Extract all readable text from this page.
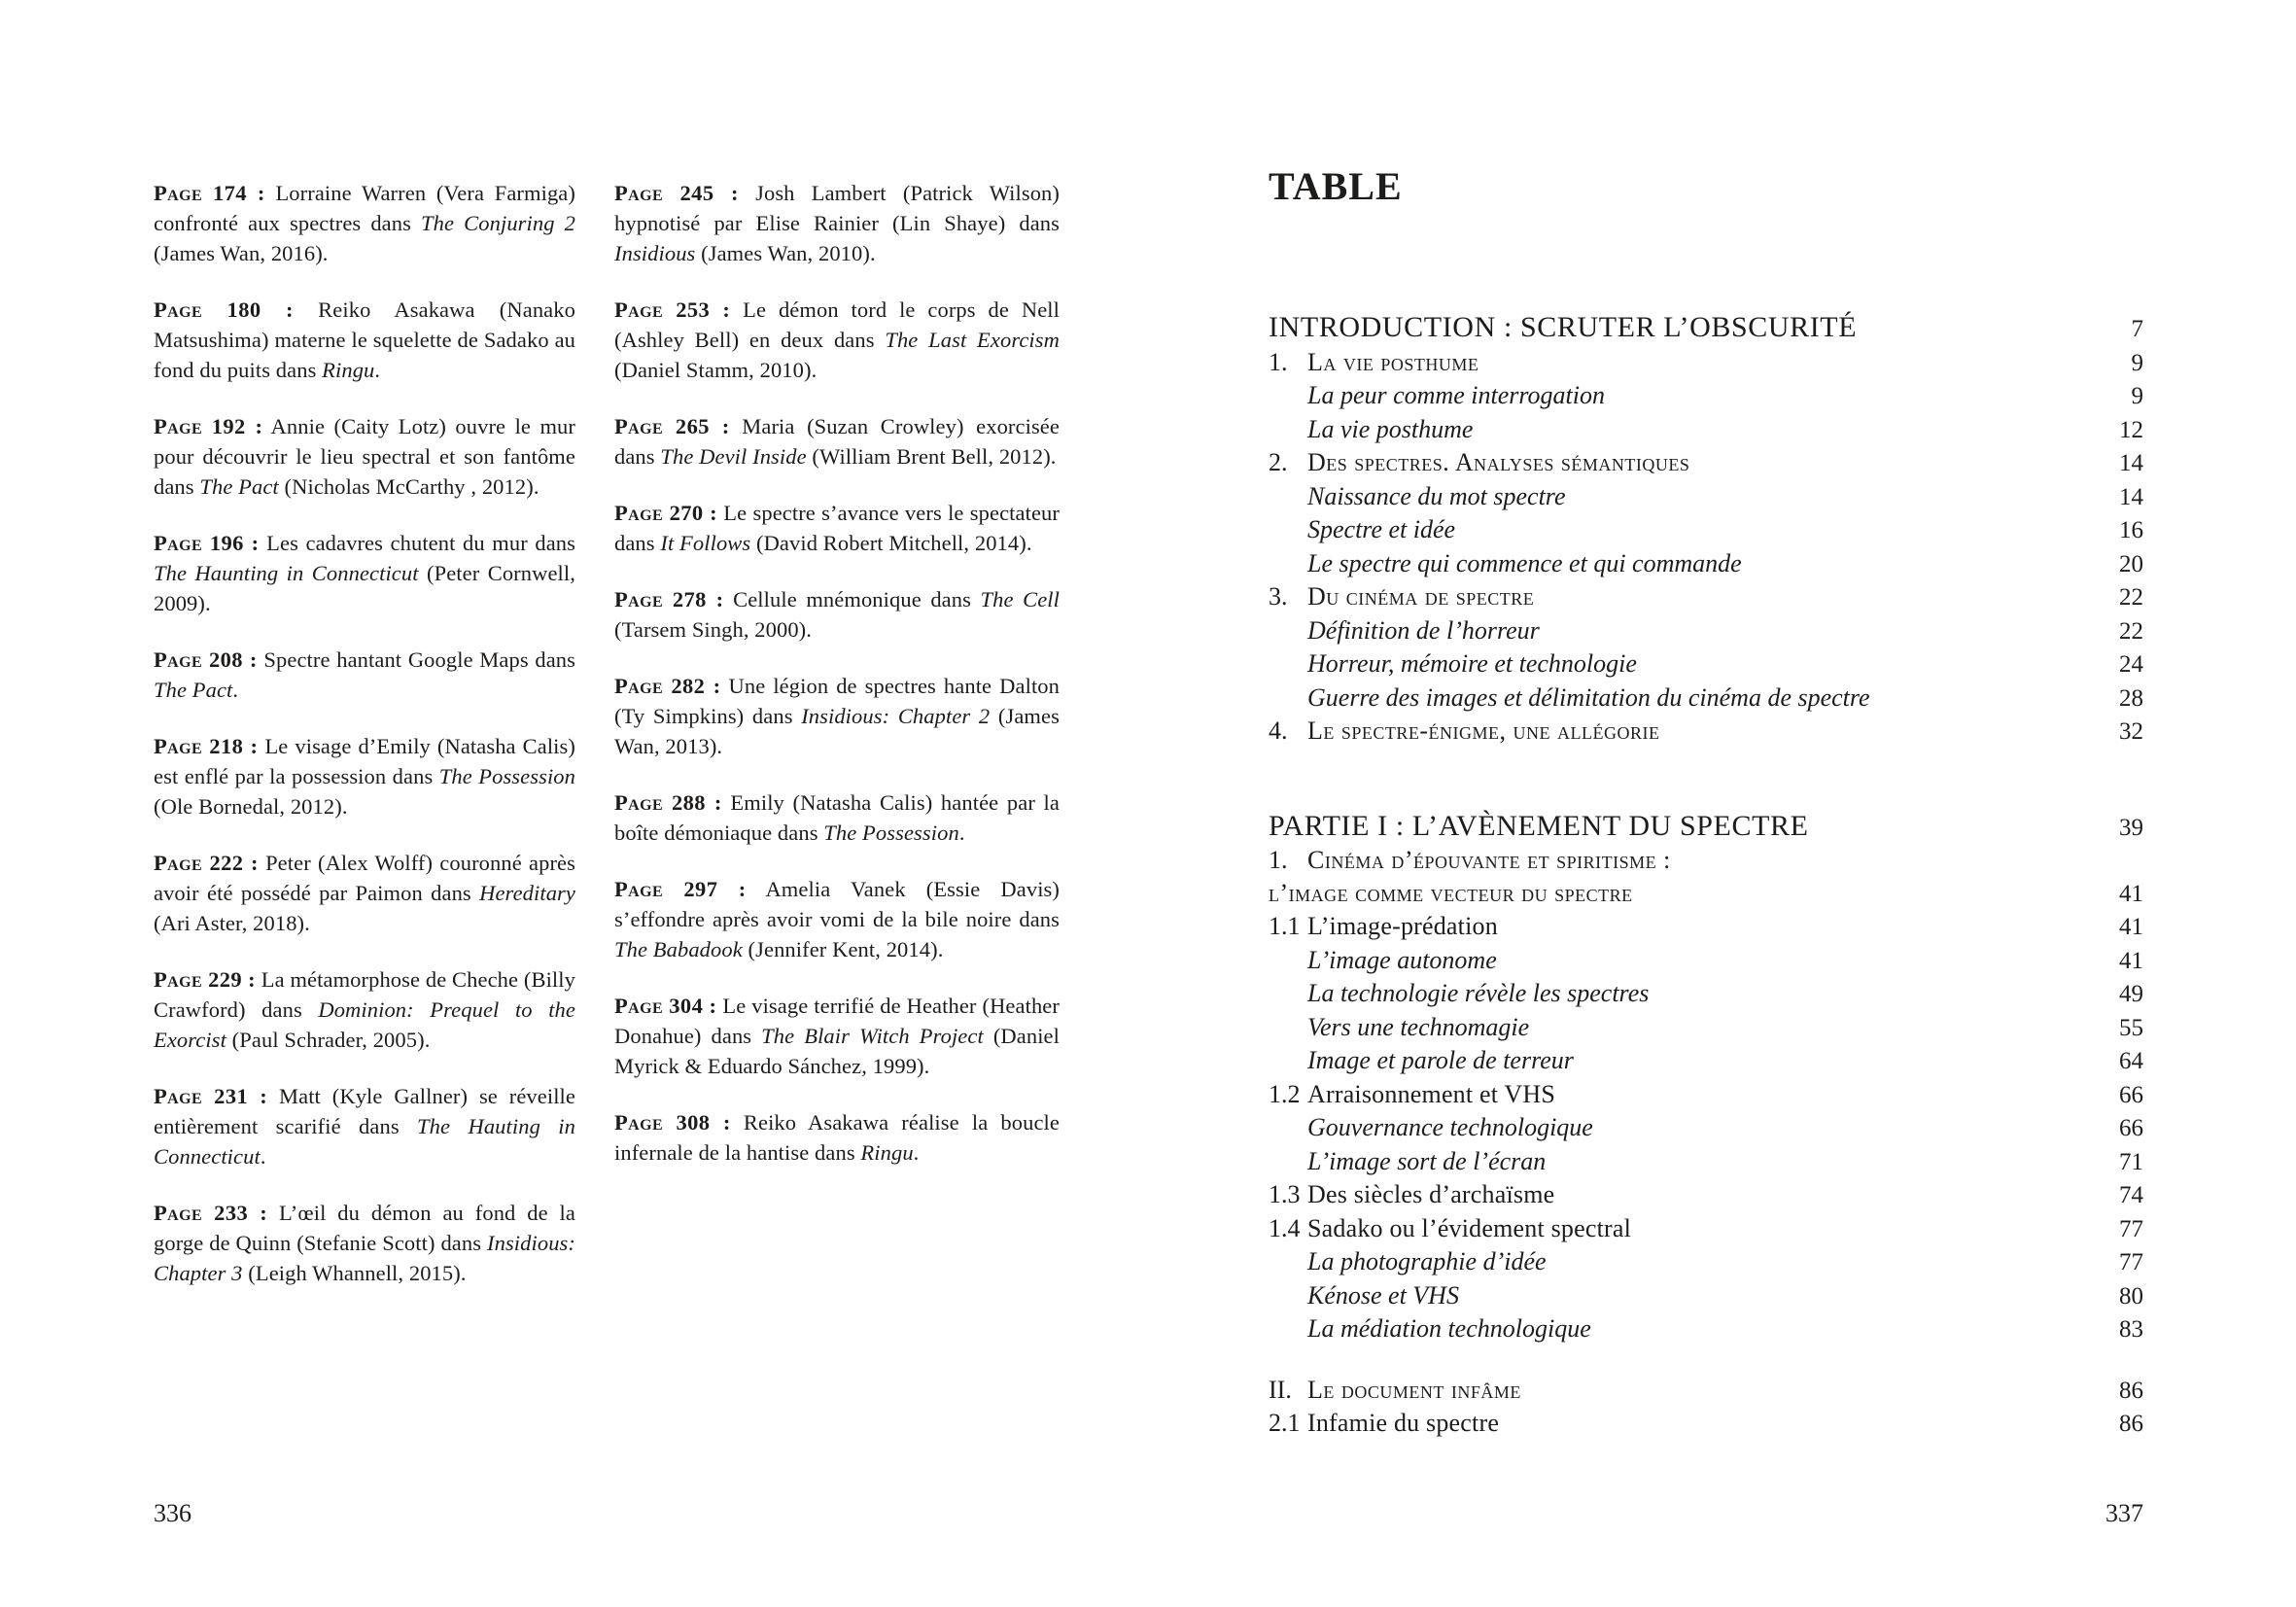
Page 174 : Lorraine Warren (Vera Farmiga) confronté aux spectres dans The Conjuring 2 (James Wan, 2016).

Page 180 : Reiko Asakawa (Nanako Matsushima) materne le squelette de Sadako au fond du puits dans Ringu.

Page 192 : Annie (Caity Lotz) ouvre le mur pour découvrir le lieu spectral et son fantôme dans The Pact (Nicholas McCarthy , 2012).

Page 196 : Les cadavres chutent du mur dans The Haunting in Connecticut (Peter Cornwell, 2009).

Page 208 : Spectre hantant Google Maps dans The Pact.

Page 218 : Le visage d’Emily (Natasha Calis) est enflé par la possession dans The Possession (Ole Bornedal, 2012).

Page 222 : Peter (Alex Wolff) couronné après avoir été possédé par Paimon dans Hereditary (Ari Aster, 2018).

Page 229 : La métamorphose de Cheche (Billy Crawford) dans Dominion: Prequel to the Exorcist (Paul Schrader, 2005).

Page 231 : Matt (Kyle Gallner) se réveille entièrement scarifié dans The Hauting in Connecticut.

Page 233 : L’œil du démon au fond de la gorge de Quinn (Stefanie Scott) dans Insidious: Chapter 3 (Leigh Whannell, 2015).

Page 245 : Josh Lambert (Patrick Wilson) hypnotisé par Elise Rainier (Lin Shaye) dans Insidious (James Wan, 2010).

Page 253 : Le démon tord le corps de Nell (Ashley Bell) en deux dans The Last Exorcism (Daniel Stamm, 2010).

Page 265 : Maria (Suzan Crowley) exorcisée dans The Devil Inside (William Brent Bell, 2012).

Page 270 : Le spectre s’avance vers le spectateur dans It Follows (David Robert Mitchell, 2014).

Page 278 : Cellule mnémonique dans The Cell (Tarsem Singh, 2000).

Page 282 : Une légion de spectres hante Dalton (Ty Simpkins) dans Insidious: Chapter 2 (James Wan, 2013).

Page 288 : Emily (Natasha Calis) hantée par la boîte démoniaque dans The Possession.

Page 297 : Amelia Vanek (Essie Davis) s’effondre après avoir vomi de la bile noire dans The Babadook (Jennifer Kent, 2014).

Page 304 : Le visage terrifié de Heather (Heather Donahue) dans The Blair Witch Project (Daniel Myrick & Eduardo Sánchez, 1999).

Page 308 : Reiko Asakawa réalise la boucle infernale de la hantise dans Ringu.

336
TABLE
INTRODUCTION : SCRUTER L’OBSCURITÉ	7
1. La vie posthume	9
La peur comme interrogation	9
La vie posthume	12
2. Des spectres. Analyses sémantiques	14
Naissance du mot spectre	14
Spectre et idée	16
Le spectre qui commence et qui commande	20
3. Du cinéma de spectre	22
Définition de l’horreur	22
Horreur, mémoire et technologie	24
Guerre des images et délimitation du cinéma de spectre	28
4. Le spectre-énigme, une allégorie	32
PARTIE I : L’AVÈNEMENT DU SPECTRE	39
1. Cinéma d’épouvante et spiritisme :
l’image comme vecteur du spectre	41
1.1 L’image-prédation	41
L’image autonome	41
La technologie révèle les spectres	49
Vers une technomagie	55
Image et parole de terreur	64
1.2 Arraisonnement et VHS	66
Gouvernance technologique	66
L’image sort de l’écran	71
1.3 Des siècles d’archaïsme	74
1.4 Sadako ou l’évidement spectral	77
La photographie d’idée	77
Kénose et VHS	80
La médiation technologique	83
II. Le document infâme	86
2.1 Infamie du spectre	86
337
